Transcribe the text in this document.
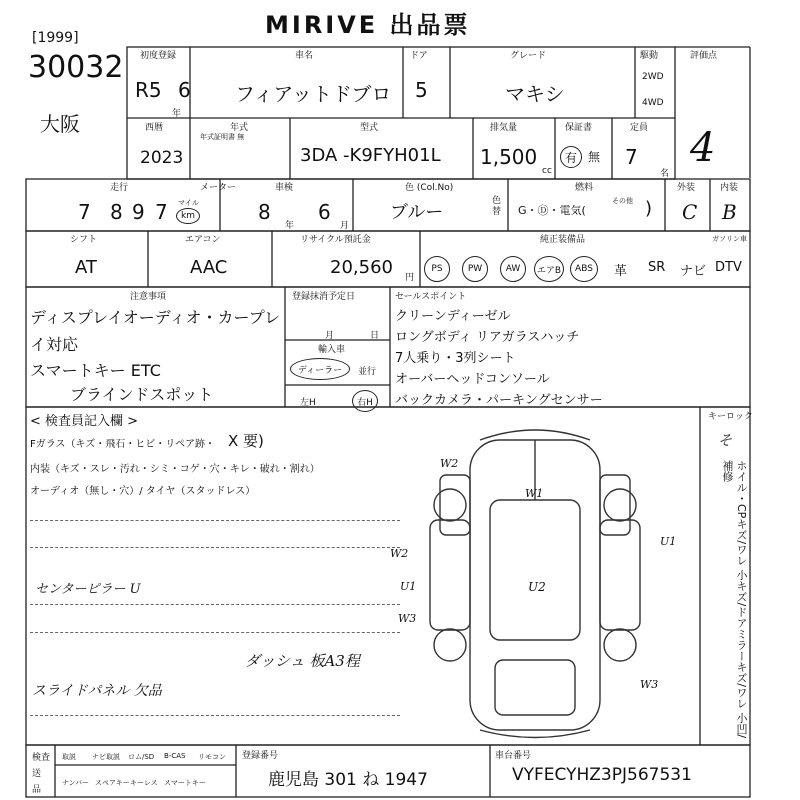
MIRIVE 出品票
[1999]
30032
大阪
初度登録
R5 6
年
車名
フィアットドブロ
ドア
5
グレード
マキシ
駆動
2WD
4WD
評価点
4
西暦
2023
年式
年式証明書 無
型式
3DA -K9FYH01L
排気量
1,500
cc
保証書
有 無
定員
7
名
走行	メーター
7 8 9 7 マイル
km
車検
8
年
6
月
色 (Col.No)
ブルー
色替
燃料
G・Ⓓ・電気(
その他 )
外装
C
内装
B
シフト
AT
エアコン
AAC
リサイクル預託金
20,560 円
純正装備品	ガソリン車
PS	PW	AW エアB ABS 革 SR ナビ DTV
注意事項
ディスプレイオーディオ・カープレ
イ対応
スマートキー ETC
ブラインドスポット
登録抹消予定日
月	日
輸入車
ディーラー 並行
左H	右H
セールスポイント
クリーンディーゼル
ロングボディ リアガラスハッチ
7人乗り・3列シート
オーバーヘッドコンソール
バックカメラ・パーキングセンサー
< 検査員記入欄 >
Fガラス（キズ・飛石・ヒビ・リペア跡・ X 要)
内装（キズ・スレ・汚れ・シミ・コゲ・穴・キレ・破れ・割れ）
オーディオ（無し・穴）/ タイヤ（スタッドレス）
センターピラー U
ダッシュ 板A3程
スライドパネル 欠品
W2
W1
W2
U1
W3
U2
U1
W3
キーロック
そ
ホイル・CPキズ/ワレ 小キズ/ドアミラーキズ/ワレ 小凹/補修
検査
送
品
取説 ナビ取説 ロム/SD B-CAS リモコン
ナンバー スペアキー キーレス スマートキー
登録番号
鹿児島 301 ね 1947
車台番号
VYFECYHZ3PJ567531
